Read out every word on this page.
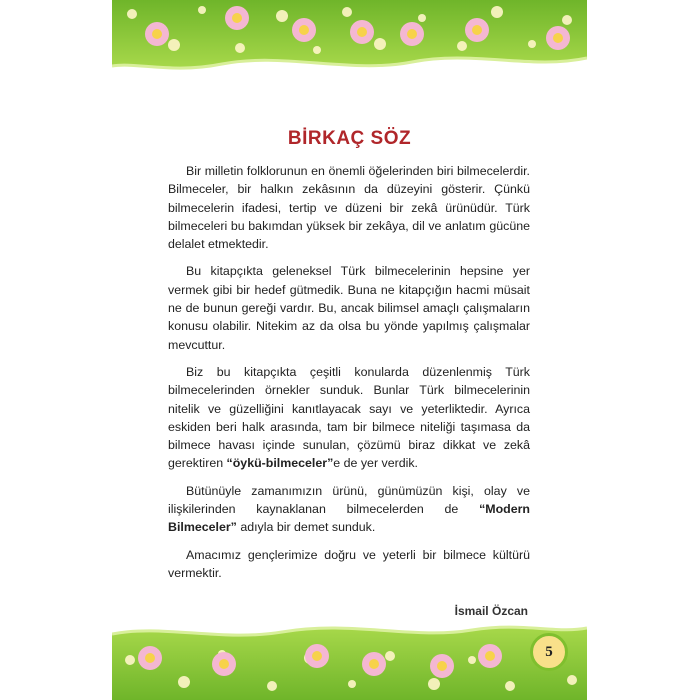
BİRKAÇ SÖZ

Bir milletin folklorunun en önemli öğelerinden biri bilmecelerdir. Bilmeceler, bir halkın zekâsının da düzeyini gösterir. Çünkü bilmecelerin ifadesi, tertip ve düzeni bir zekâ ürünüdür. Türk bilmeceleri bu bakımdan yüksek bir zekâya, dil ve anlatım gücüne delalet etmektedir.

Bu kitapçıkta geleneksel Türk bilmecelerinin hepsine yer vermek gibi bir hedef gütmedik. Buna ne kitapçığın hacmi müsait ne de bunun gereği vardır. Bu, ancak bilimsel amaçlı çalışmaların konusu olabilir. Nitekim az da olsa bu yönde yapılmış çalışmalar mevcuttur.

Biz bu kitapçıkta çeşitli konularda düzenlenmiş Türk bilmecelerinden örnekler sunduk. Bunlar Türk bilmecelerinin nitelik ve güzelliğini kanıtlayacak sayı ve yeterliktedir. Ayrıca eskiden beri halk arasında, tam bir bilmece niteliği taşımasa da bilmece havası içinde sunulan, çözümü biraz dikkat ve zekâ gerektiren “öykü-bilmeceler”e de yer verdik.

Bütünüyle zamanımızın ürünü, günümüzün kişi, olay ve ilişkilerinden kaynaklanan bilmecelerden de “Modern Bilmeceler” adıyla bir demet sunduk.

Amacımız gençlerimize doğru ve yeterli bir bilmece kültürü vermektir.

İsmail Özcan
5
